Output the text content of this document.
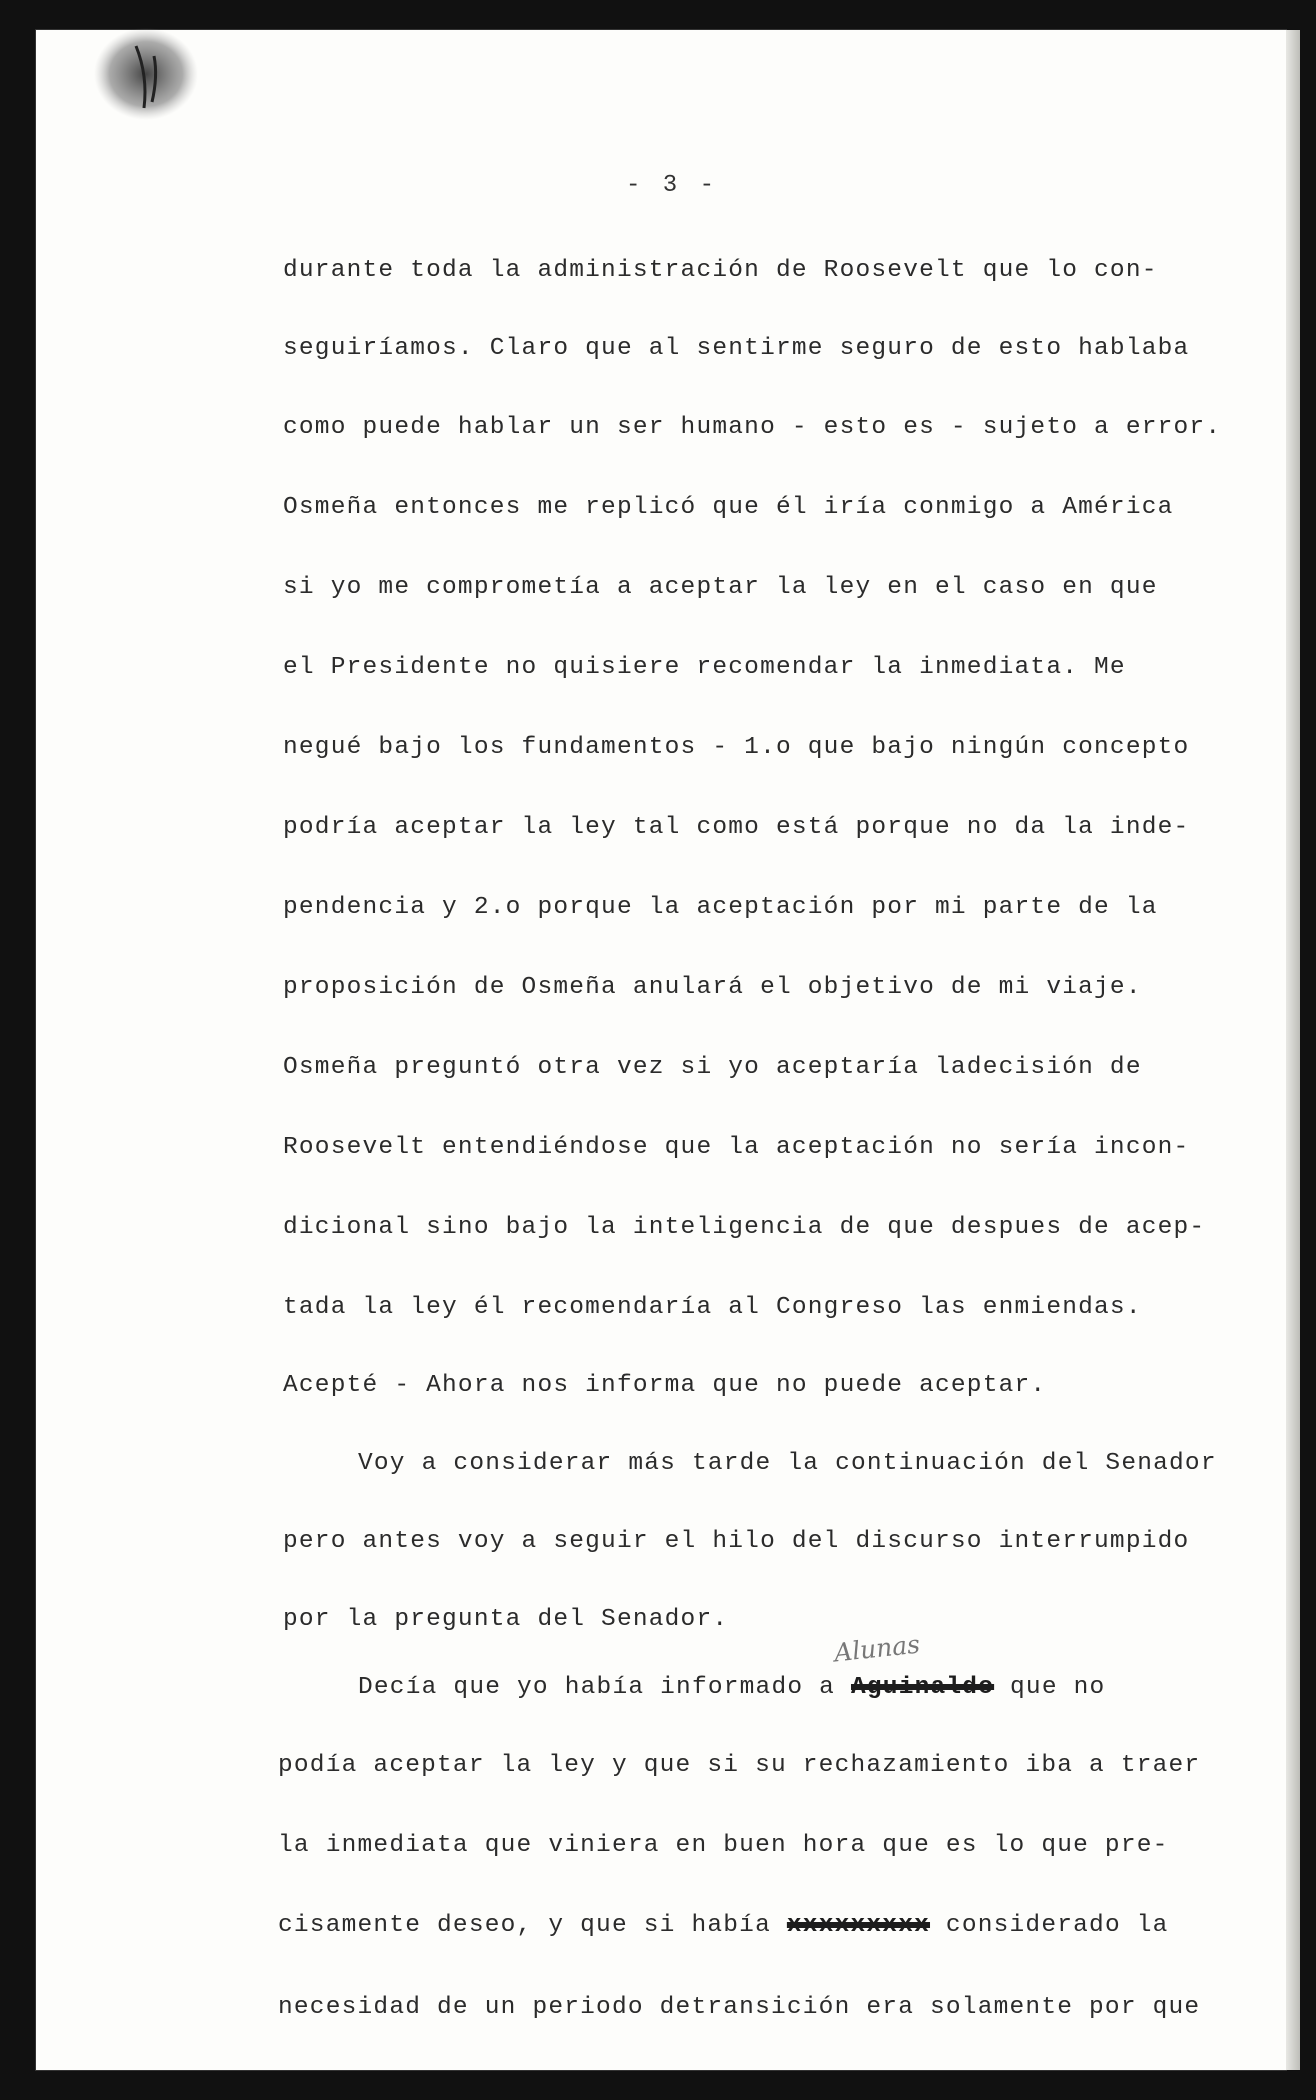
- 3 -
durante toda la administración de Roosevelt que lo con-
seguiríamos. Claro que al sentirme seguro de esto hablaba
como puede hablar un ser humano - esto es - sujeto a error.
Osmeña entonces me replicó que él iría conmigo a América
si yo me comprometía a aceptar la ley en el caso en que
el Presidente no quisiere recomendar la inmediata. Me
negué bajo los fundamentos - 1.o que bajo ningún concepto
podría aceptar la ley tal como está porque no da la inde-
pendencia y 2.o porque la aceptación por mi parte de la
proposición de Osmeña anulará el objetivo de mi viaje.
Osmeña preguntó otra vez si yo aceptaría ladecisión de
Roosevelt entendiéndose que la aceptación no sería incon-
dicional sino bajo la inteligencia de que despues de acep-
tada la ley él recomendaría al Congreso las enmiendas.
Acepté - Ahora nos informa que no puede aceptar.
Voy a considerar más tarde la continuación del Senador
pero antes voy a seguir el hilo del discurso interrumpido
por la pregunta del Senador.
Alunas
Decía que yo había informado a Aguinaldo que no
podía aceptar la ley y que si su rechazamiento iba a traer
la inmediata que viniera en buen hora que es lo que pre-
cisamente deseo, y que si había xxxxxxxxx considerado la
necesidad de un periodo detransición era solamente por que
